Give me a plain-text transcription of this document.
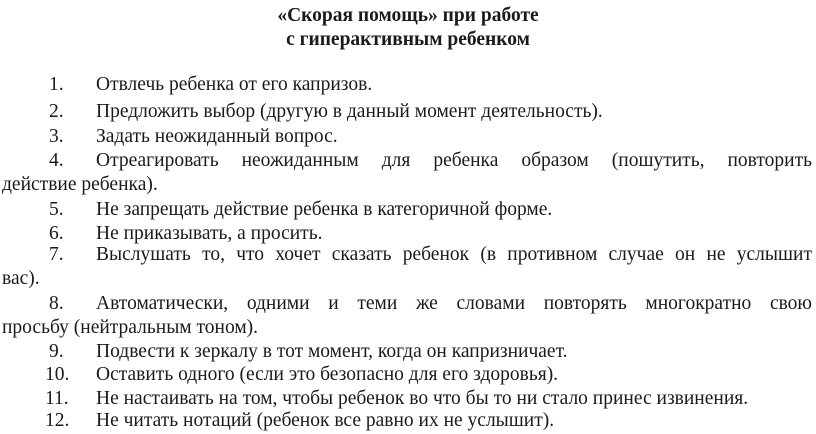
«Скорая помощь» при работе
с гиперактивным ребенком

1. Отвлечь ребенка от его капризов.

2. Предложить выбор (другую в данный момент деятельность).

3. Задать неожиданный вопрос.

4. Отреагировать неожиданным для ребенка образом (пошутить, повторить
действие ребенка).

5. Не запрещать действие ребенка в категоричной форме.

6. Не приказывать, а просить.

7. Выслушать то, что хочет сказать ребенок (в противном случае он не услышит
вас).

8. Автоматически, одними и теми же словами повторять многократно свою
просьбу (нейтральным тоном).

9. Подвести к зеркалу в тот момент, когда он капризничает.

10. Оставить одного (если это безопасно для его здоровья).

11. Не настаивать на том, чтобы ребенок во что бы то ни стало принес извинения.

12. Не читать нотаций (ребенок все равно их не услышит).
